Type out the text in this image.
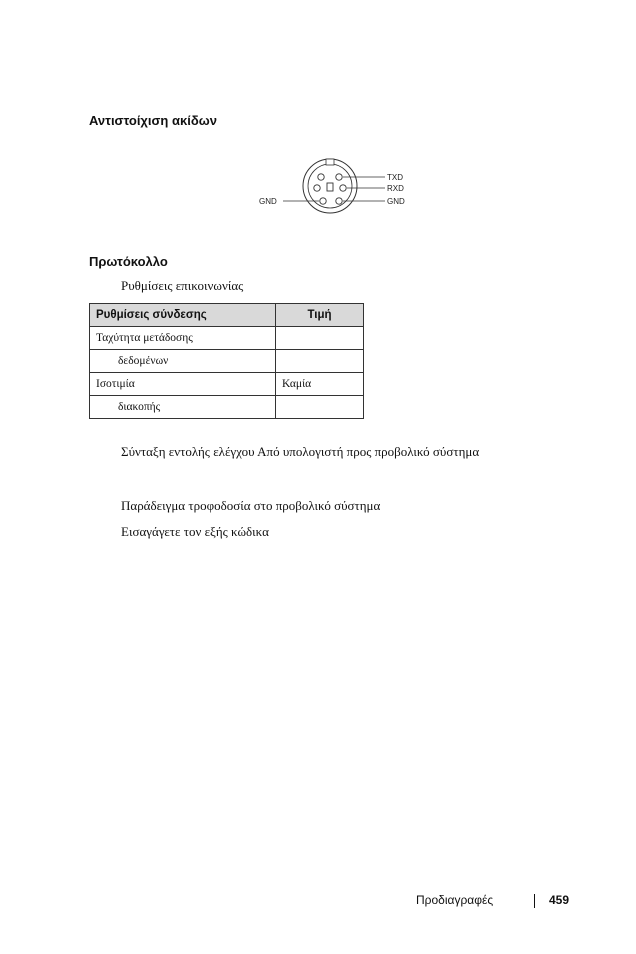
Αντιστοίχιση ακίδων
TXD
RXD
GND
GND
Πρωτόκολλο
Ρυθμίσεις επικοινωνίας
Ρυθμίσεις σύνδεσης	Τιμή
Ταχύτητα μετάδοσης	
δεδομένων	
Ισοτιμία	Καμία
διακοπής	
Σύνταξη εντολής ελέγχου Από υπολογιστή προς προβολικό σύστημα
Παράδειγμα τροφοδοσία στο προβολικό σύστημα
Εισαγάγετε τον εξής κώδικα
Προδιαγραφές	459
